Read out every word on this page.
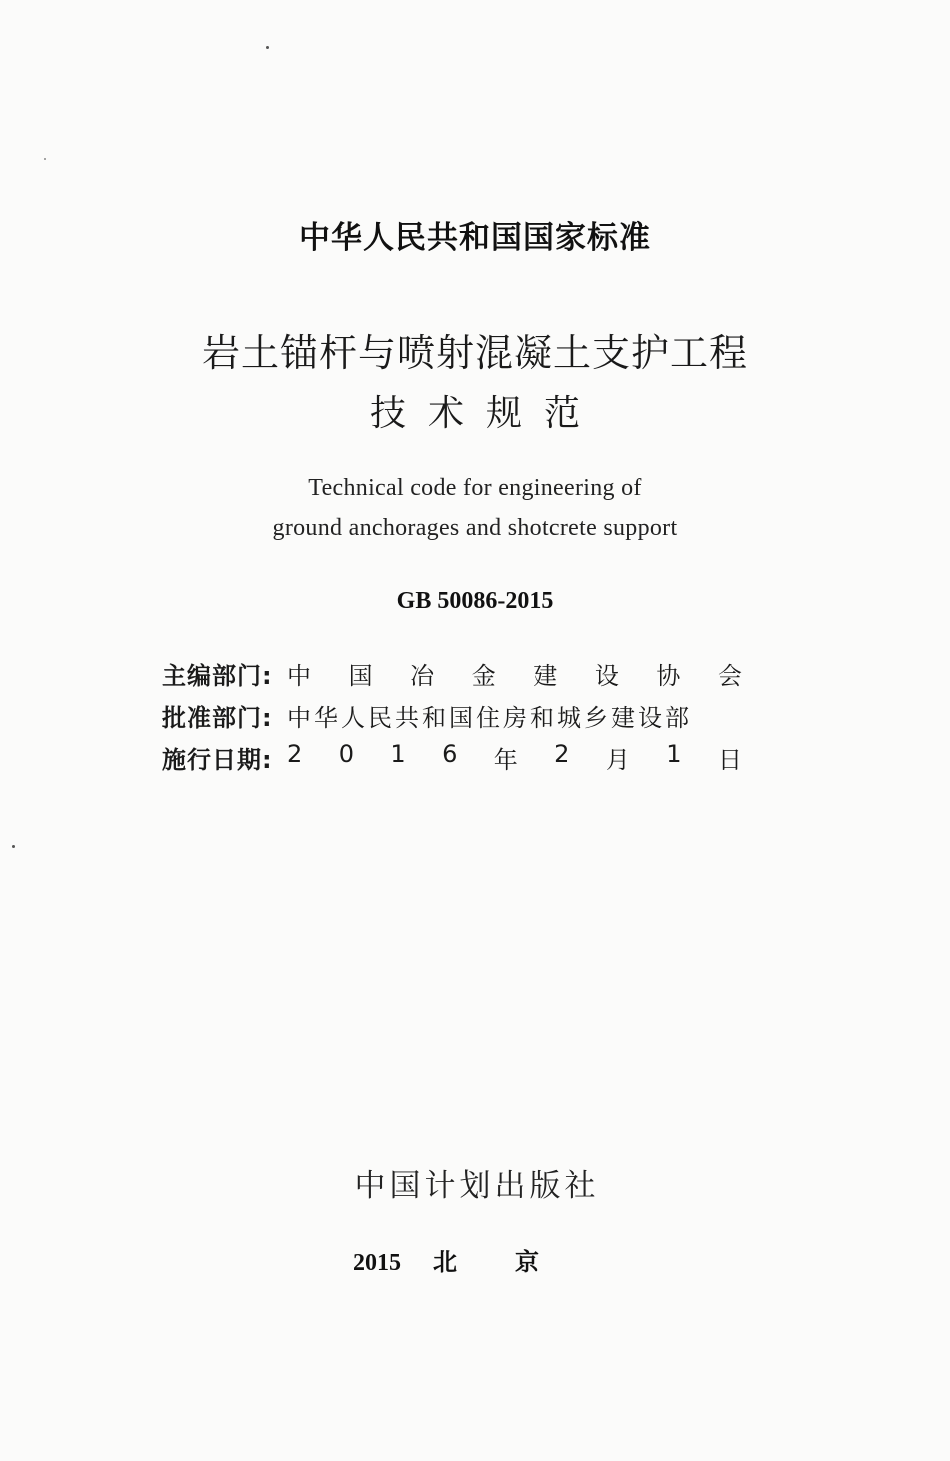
中华人民共和国国家标准
岩土锚杆与喷射混凝土支护工程
技术规范
Technical code for engineering of
ground anchorages and shotcrete support
GB 50086-2015
主编部门: 中 国 冶 金 建 设 协 会
批准部门: 中华人民共和国住房和城乡建设部
施行日期: 2 0 1 6 年 2 月 1 日
中国计划出版社
2015 北京
